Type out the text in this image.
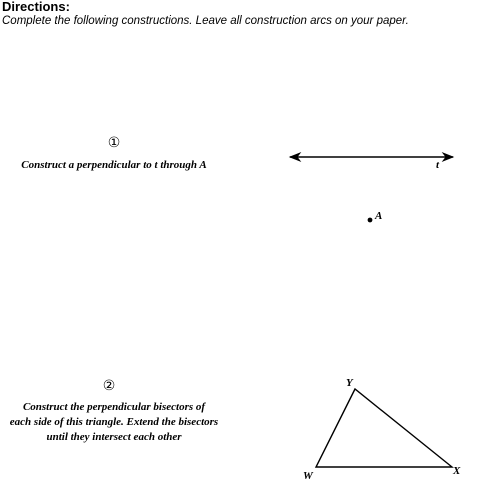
Directions:
Complete the following constructions. Leave all construction arcs on your paper.
①
Construct a perpendicular to t through A
②
Construct the perpendicular bisectors of
each side of this triangle. Extend the bisectors
until they intersect each other
t
A
Y
W	X
